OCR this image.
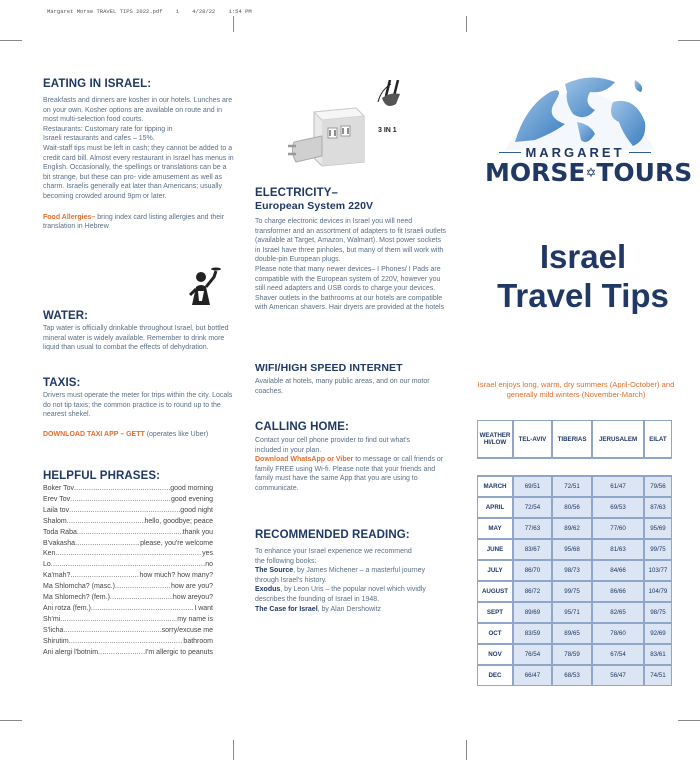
Margaret Morse TRAVEL TIPS 2022.pdf 1 4/28/22 1:54 PM
EATING IN ISRAEL:

Breakfasts and dinners are kosher in our hotels. Lunches are on your own. Kosher options are available on route and in most multi-selection food courts.

Restaurants: Customary rate for tipping in Israeli restaurants and cafes – 15%.

Wait-staff tips must be left in cash; they cannot be added to a credit card bill. Almost every restaurant in Israel has menus in English. Occasionally, the spellings or translations can be a bit strange, but these can pro- vide amusement as well as charm. Israelis generally eat later than Americans; usually becoming crowded around 9pm or later.

Food Allergies– bring index card listing allergies and their translation in Hebrew

WATER:

Tap water is officially drinkable throughout Israel, but bottled mineral water is widely available. Remember to drink more liquid than usual to combat the effects of dehydration.

TAXIS:

Drivers must operate the meter for trips within the city. Locals do not tip taxis; the common practice is to round up to the nearest shekel.

DOWNLOAD TAXI APP – GETT (operates like Uber)

HELPFUL PHRASES:
Boker Tov .....	good morning
Erev Tov .....	good evening
Laila tov .....	good night
Shalom .....	hello, goodbye; peace
Toda Raba .....	thank you
B'vakasha .....	please, you're welcome
Ken .....	yes
Lo .....	no
Ka'mah? .....	how much? how many?
Ma Shlomcha? (masc.) .....	how are you?
Ma Shlomech? (fem.) .....	how areyou?
Ani rotza (fem.) .....	I want
Sh'mi .....	my name is
S'licha .....	sorry/excuse me
Shirutim .....	bathroom
Ani alergi l'botnim .....	I'm allergic to peanuts
3 IN 1
ELECTRICITY–
European System 220V

To charge electronic devices in Israel you will need transformer and an assortment of adapters to fit Israeli outlets (available at Target, Amazon, Walmart). Most power sockets in Israel have three pinholes, but many of them will work with double-pin European plugs.

Please note that many newer devices– I Phones/ I Pads are compatible with the European system of 220V, however you still need adapters and USB cords to charge your devices. Shaver outlets in the bathrooms at our hotels are compatible with American shavers. Hair dryers are provided at the hotels

WIFI/HIGH SPEED INTERNET

Available at hotels, many public areas, and on our motor coaches.

CALLING HOME:

Contact your cell phone provider to find out what's included in your plan.

Download WhatsApp or Viber to message or call friends or family FREE using Wi-fi. Please note that your friends and family must have the same App that you are using to communicate.

RECOMMENDED READING:

To enhance your Israel experience we recommend the following books:

The Source, by James Michener – a masterful journey through Israel's history.

Exodus, by Leon Uris – the popular novel which vividly describes the founding of Israel in 1948.

The Case for Israel, by Alan Dershowitz

MARGARET
MORSE✡TOURS
Israel
Travel Tips
Israel enjoys long, warm, dry summers (April-October) and generally mild winters (November-March)
WEATHER HI/LOW	TEL-AVIV	TIBERIAS	JERUSALEM	EILAT

MARCH	69/51	72/51	61/47	79/56
APRIL	72/54	80/56	69/53	87/63
MAY	77/63	89/62	77/60	95/69
JUNE	83/67	95/68	81/63	99/75
JULY	86/70	98/73	84/66	103/77
AUGUST	86/72	99/75	86/66	104/79
SEPT	89/69	95/71	82/65	98/75
OCT	83/59	89/65	78/60	92/69
NOV	76/54	78/59	67/54	83/61
DEC	66/47	68/53	56/47	74/51
